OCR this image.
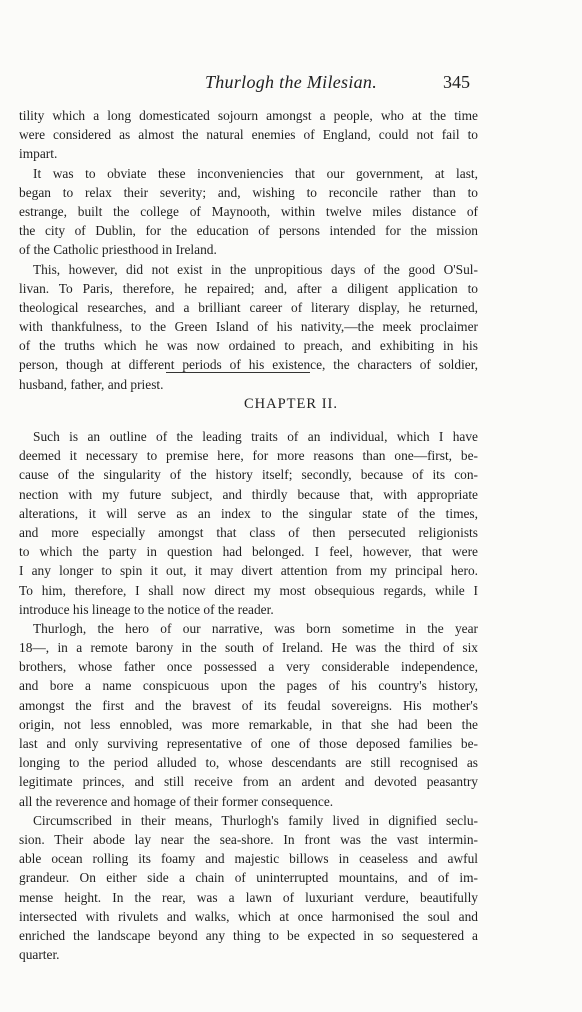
Thurlogh the Milesian.	345
tility which a long domesticated sojourn amongst a people, who at the time
were considered as almost the natural enemies of England, could not fail to
impart.
It was to obviate these inconveniencies that our government, at last,
began to relax their severity; and, wishing to reconcile rather than to
estrange, built the college of Maynooth, within twelve miles distance of
the city of Dublin, for the education of persons intended for the mission
of the Catholic priesthood in Ireland.
This, however, did not exist in the unpropitious days of the good O'Sul-
livan. To Paris, therefore, he repaired; and, after a diligent application to
theological researches, and a brilliant career of literary display, he returned,
with thankfulness, to the Green Island of his nativity,—the meek proclaimer
of the truths which he was now ordained to preach, and exhibiting in his
person, though at different periods of his existence, the characters of soldier,
husband, father, and priest.
CHAPTER II.
Such is an outline of the leading traits of an individual, which I have
deemed it necessary to premise here, for more reasons than one—first, be-
cause of the singularity of the history itself; secondly, because of its con-
nection with my future subject, and thirdly because that, with appropriate
alterations, it will serve as an index to the singular state of the times,
and more especially amongst that class of then persecuted religionists
to which the party in question had belonged. I feel, however, that were
I any longer to spin it out, it may divert attention from my principal hero.
To him, therefore, I shall now direct my most obsequious regards, while I
introduce his lineage to the notice of the reader.
Thurlogh, the hero of our narrative, was born sometime in the year
18—, in a remote barony in the south of Ireland. He was the third of six
brothers, whose father once possessed a very considerable independence,
and bore a name conspicuous upon the pages of his country's history,
amongst the first and the bravest of its feudal sovereigns. His mother's
origin, not less ennobled, was more remarkable, in that she had been the
last and only surviving representative of one of those deposed families be-
longing to the period alluded to, whose descendants are still recognised as
legitimate princes, and still receive from an ardent and devoted peasantry
all the reverence and homage of their former consequence.
Circumscribed in their means, Thurlogh's family lived in dignified seclu-
sion. Their abode lay near the sea-shore. In front was the vast intermin-
able ocean rolling its foamy and majestic billows in ceaseless and awful
grandeur. On either side a chain of uninterrupted mountains, and of im-
mense height. In the rear, was a lawn of luxuriant verdure, beautifully
intersected with rivulets and walks, which at once harmonised the soul and
enriched the landscape beyond any thing to be expected in so sequestered a
quarter.
